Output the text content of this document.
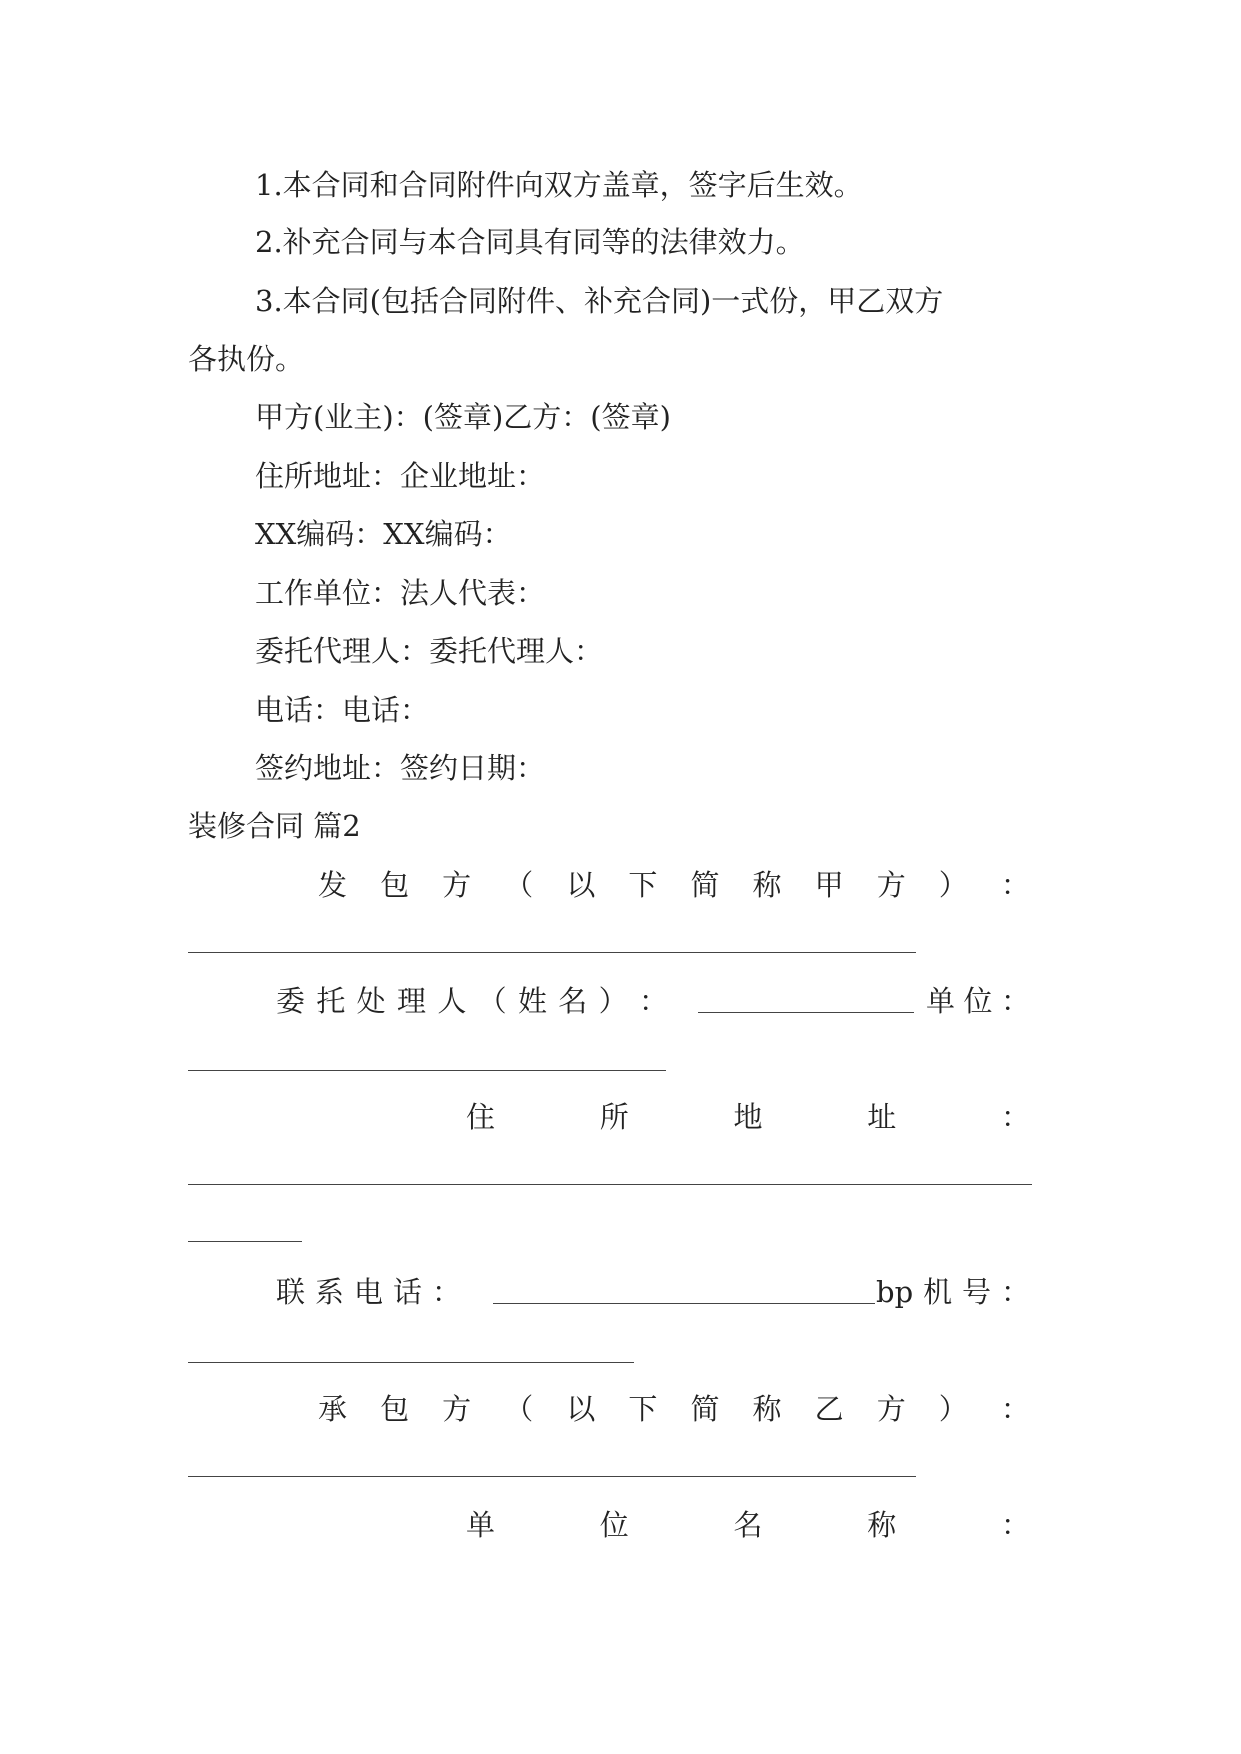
1.本合同和合同附件向双方盖章，签字后生效。
2.补充合同与本合同具有同等的法律效力。
3.本合同(包括合同附件、补充合同)一式份，甲乙双方
各执份。
甲方(业主)：(签章)乙方：(签章)
住所地址：企业地址：
XX编码：XX编码：
工作单位：法人代表：
委托代理人：委托代理人：
电话：电话：
签约地址：签约日期：
装修合同 篇2
发 包 方 （ 以 下 简 称 甲 方 ） ：
委 托 处 理 人 （ 姓 名 ） ：	单 位 ：
住	所	地	址	：
联 系 电 话 ：	bp 机 号 ：
承 包 方 （ 以 下 简 称 乙 方 ） ：
单	位	名	称	：
